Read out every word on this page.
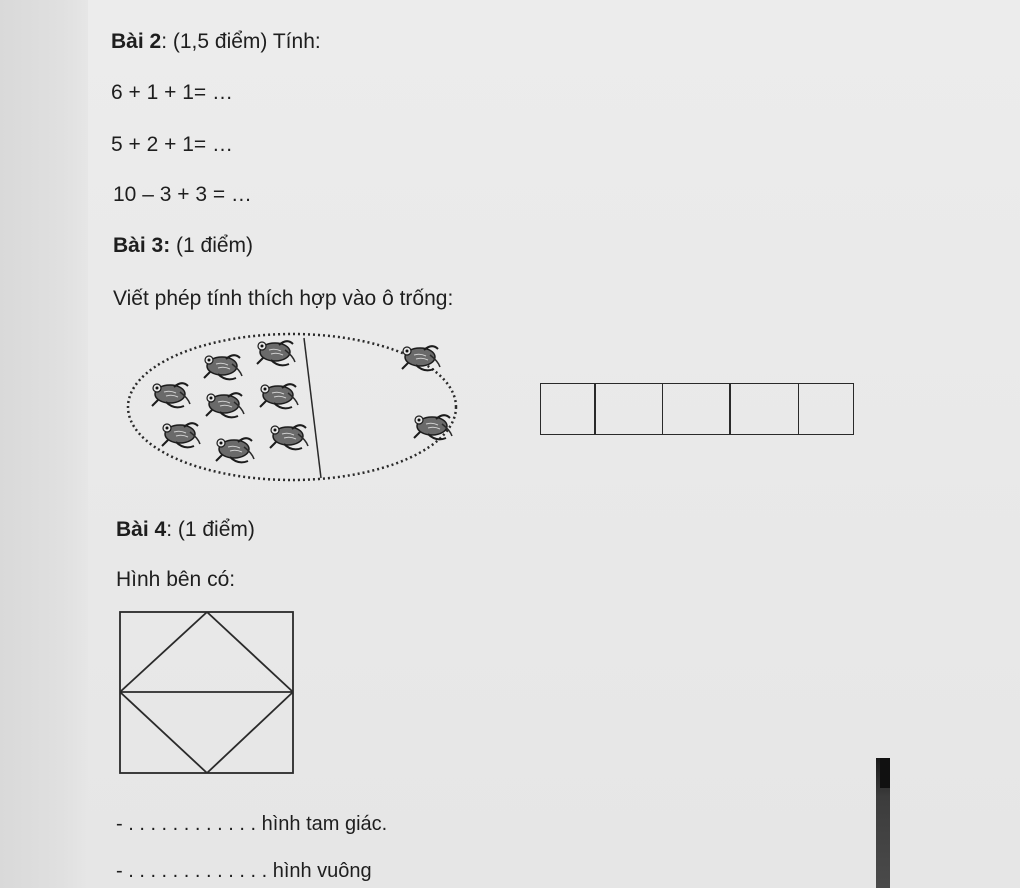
Bài 2: (1,5 điểm) Tính:
6 + 1 + 1= …
5 + 2 + 1= …
10 – 3 + 3 = …
Bài 3: (1 điểm)
Viết phép tính thích hợp vào ô trống:
Bài 4: (1 điểm)
Hình bên có:
- . . . . . . . . . . . . hình tam giác.
- . . . . . . . . . . . . . hình vuông
